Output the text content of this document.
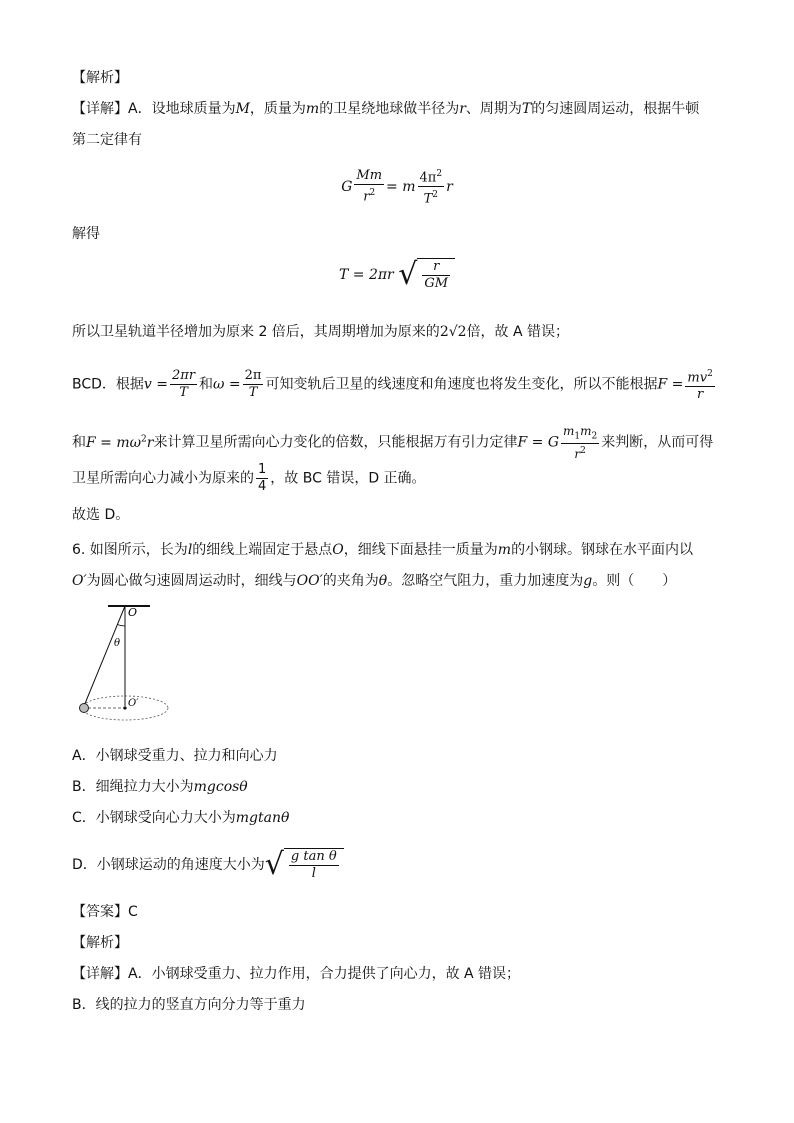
【解析】
【详解】A．设地球质量为M，质量为m的卫星绕地球做半径为r、周期为T的匀速圆周运动，根据牛顿
第二定律有
G $\frac{Mm}{r^2} = m \frac{4\pi^2}{T^2}$ r
解得
T = 2πr √ $\frac{r}{GM}$
所以卫星轨道半径增加为原来 2 倍后，其周期增加为原来的2√2倍，故 A 错误；
BCD．根据$v = \frac{2\pi r}{T}$ 和$\omega = \frac{2\pi}{T}$ 可知变轨后卫星的线速度和角速度也将发生变化，所以不能根据$F = \frac{mv^2}{r}$
和$F = m\omega^2r$来计算卫星所需向心力变化的倍数，只能根据万有引力定律F = G $\frac{m_1m_2}{r^2}$ 来判断，从而可得
卫星所需向心力减小为原来的 $\frac{1}{4}$ ，故 BC 错误，D 正确。
故选 D。
6. 如图所示，长为l的细线上端固定于悬点O，细线下面悬挂一质量为m的小钢球。钢球在水平面内以
O′为圆心做匀速圆周运动时，细线与OO′的夹角为θ。忽略空气阻力，重力加速度为g。则（　　）
O
θ
O′
A．小钢球受重力、拉力和向心力
B．细绳拉力大小为mgcosθ
C．小钢球受向心力大小为mgtanθ
D．小钢球运动的角速度大小为√ $\frac{\text{g tan θ}}{l}$
【答案】C
【解析】
【详解】A．小钢球受重力、拉力作用，合力提供了向心力，故 A 错误；
B．线的拉力的竖直方向分力等于重力
